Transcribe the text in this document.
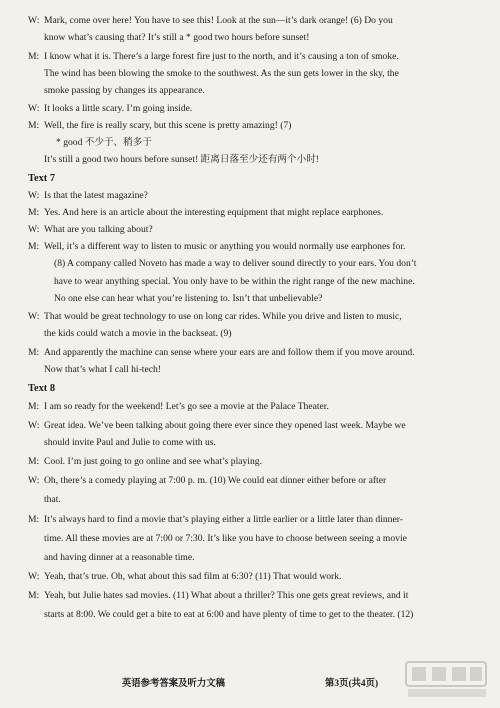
W: Mark, come over here! You have to see this! Look at the sun—it’s dark orange! (6) Do you
know what’s causing that? It’s still a * good two hours before sunset!
M: I know what it is. There’s a large forest fire just to the north, and it’s causing a ton of smoke.
The wind has been blowing the smoke to the southwest. As the sun gets lower in the sky, the
smoke passing by changes its appearance.
W: It looks a little scary. I’m going inside.
M: Well, the fire is really scary, but this scene is pretty amazing! (7)
* good 不少于、稍多于
It’s still a good two hours before sunset! 距离日落至少还有两个小时!
Text 7
W: Is that the latest magazine?
M: Yes. And here is an article about the interesting equipment that might replace earphones.
W: What are you talking about?
M: Well, it’s a different way to listen to music or anything you would normally use earphones for.
(8) A company called Noveto has made a way to deliver sound directly to your ears. You don’t
have to wear anything special. You only have to be within the right range of the new machine.
No one else can hear what you’re listening to. Isn’t that unbelievable?
W: That would be great technology to use on long car rides. While you drive and listen to music,
the kids could watch a movie in the backseat. (9)
M: And apparently the machine can sense where your ears are and follow them if you move around.
Now that’s what I call hi-tech!
Text 8
M: I am so ready for the weekend! Let’s go see a movie at the Palace Theater.
W: Great idea. We’ve been talking about going there ever since they opened last week. Maybe we
should invite Paul and Julie to come with us.
M: Cool. I’m just going to go online and see what’s playing.
W: Oh, there’s a comedy playing at 7:00 p. m. (10) We could eat dinner either before or after
that.
M: It’s always hard to find a movie that’s playing either a little earlier or a little later than dinner-
time. All these movies are at 7:00 or 7:30. It’s like you have to choose between seeing a movie
and having dinner at a reasonable time.
W: Yeah, that’s true. Oh, what about this sad film at 6:30? (11) That would work.
M: Yeah, but Julie hates sad movies. (11) What about a thriller? This one gets great reviews, and it
starts at 8:00. We could get a bite to eat at 6:00 and have plenty of time to get to the theater. (12)
英语参考答案及听力文稿	第3页(共4页)
